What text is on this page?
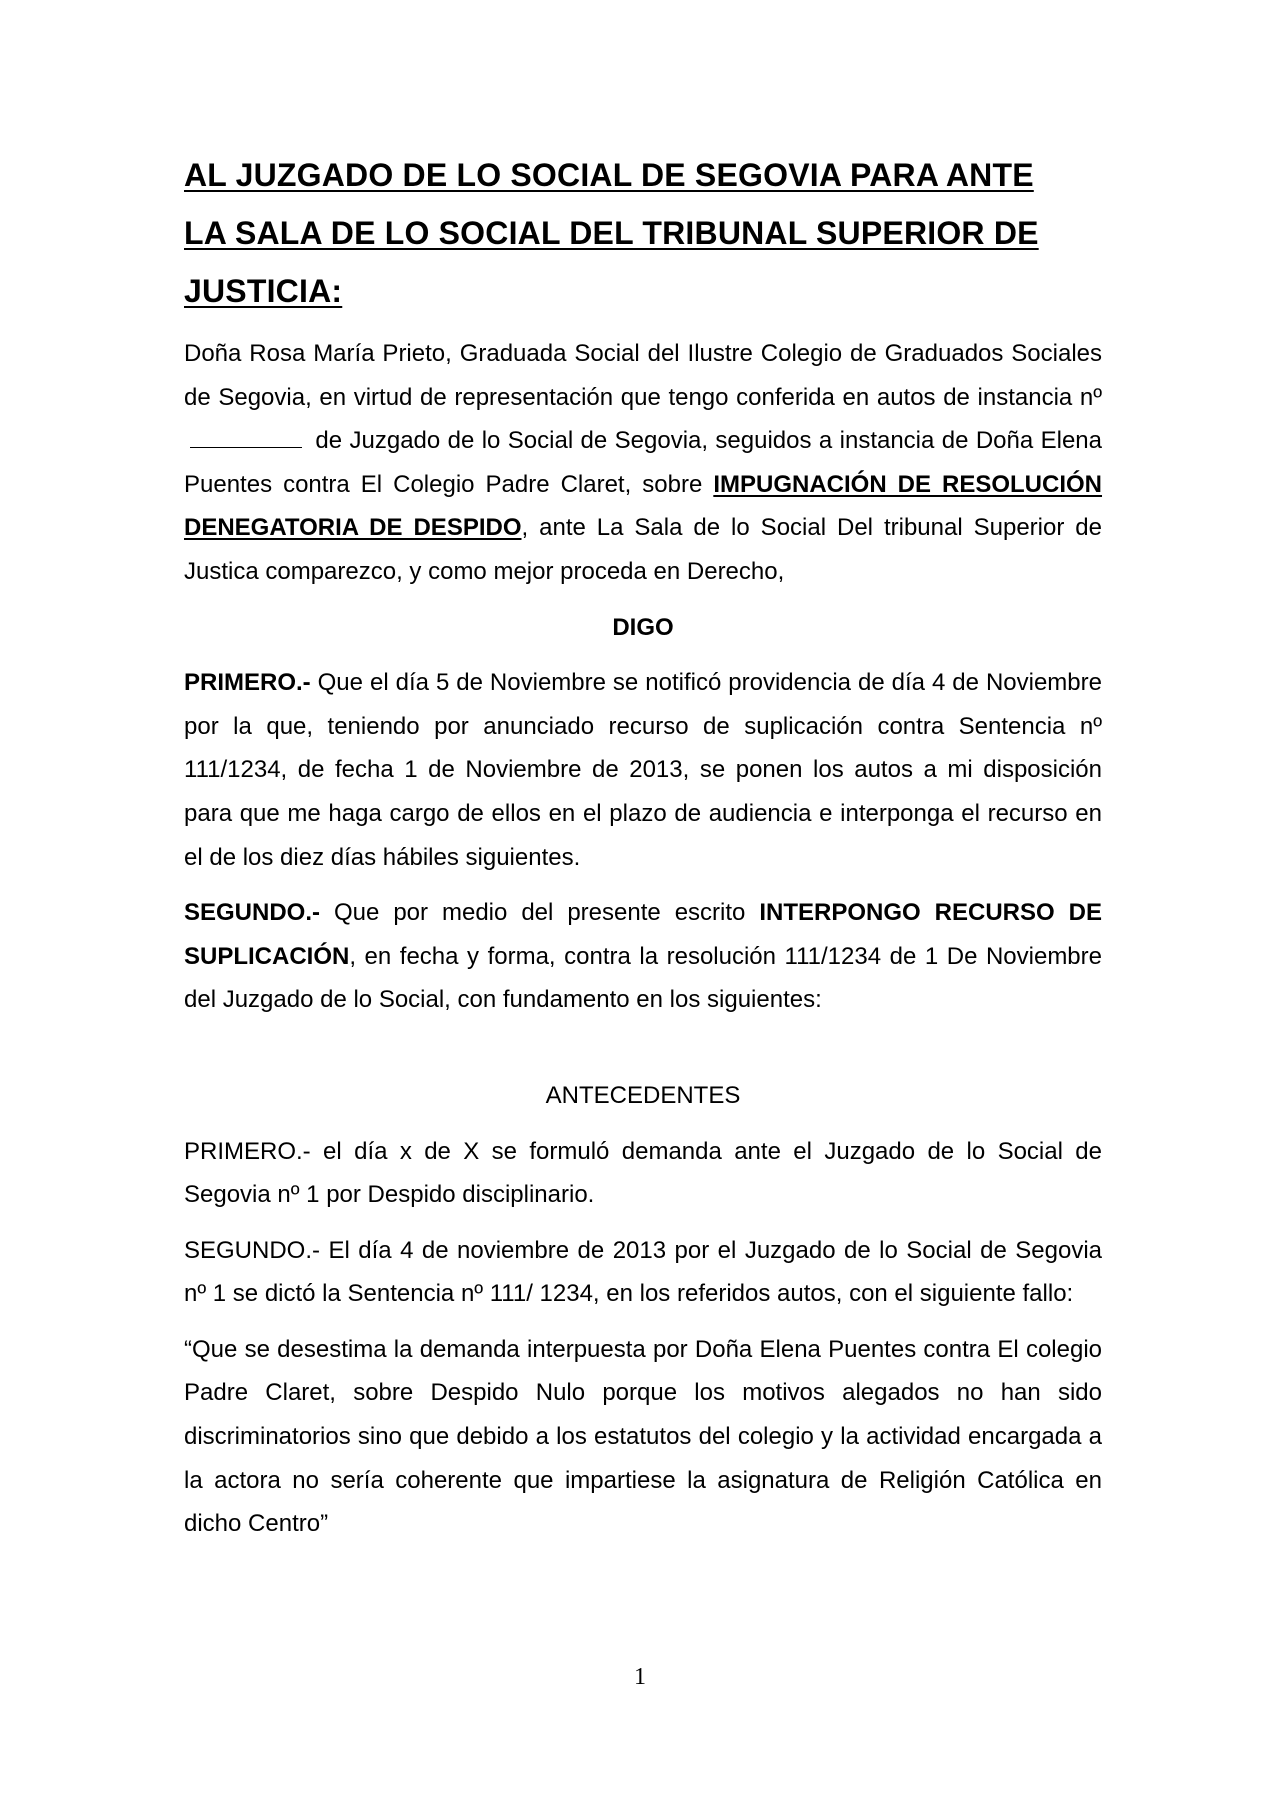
AL JUZGADO DE LO SOCIAL DE SEGOVIA PARA ANTE
LA SALA DE LO SOCIAL DEL TRIBUNAL SUPERIOR DE
JUSTICIA:

Doña Rosa María Prieto, Graduada Social del Ilustre Colegio de Graduados Sociales de Segovia, en virtud de representación que tengo conferida en autos de instancia nº  de Juzgado de lo Social de Segovia, seguidos a instancia de Doña Elena Puentes contra El Colegio Padre Claret, sobre IMPUGNACIÓN DE RESOLUCIÓN DENEGATORIA DE DESPIDO, ante La Sala de lo Social Del tribunal Superior de Justica comparezco, y como mejor proceda en Derecho,

DIGO

PRIMERO.- Que el día 5 de Noviembre se notificó providencia de día 4 de Noviembre por la que, teniendo por anunciado recurso de suplicación contra Sentencia nº 111/1234, de fecha 1 de Noviembre de 2013, se ponen los autos a mi disposición para que me haga cargo de ellos en el plazo de audiencia e interponga el recurso en el de los diez días hábiles siguientes.

SEGUNDO.- Que por medio del presente escrito INTERPONGO RECURSO DE SUPLICACIÓN, en fecha y forma, contra la resolución 111/1234 de 1 De Noviembre del Juzgado de lo Social, con fundamento en los siguientes:

ANTECEDENTES

PRIMERO.- el día x de X se formuló demanda ante el Juzgado de lo Social de Segovia nº 1 por Despido disciplinario.

SEGUNDO.- El día 4 de noviembre de 2013 por el Juzgado de lo Social de Segovia nº 1 se dictó la Sentencia nº 111/ 1234, en los referidos autos, con el siguiente fallo:

“Que se desestima la demanda interpuesta por Doña Elena Puentes contra El colegio Padre Claret, sobre Despido Nulo porque los motivos alegados no han sido discriminatorios sino que debido a los estatutos del colegio y la actividad encargada a la actora no sería coherente que impartiese la asignatura de Religión Católica en dicho Centro”

1
